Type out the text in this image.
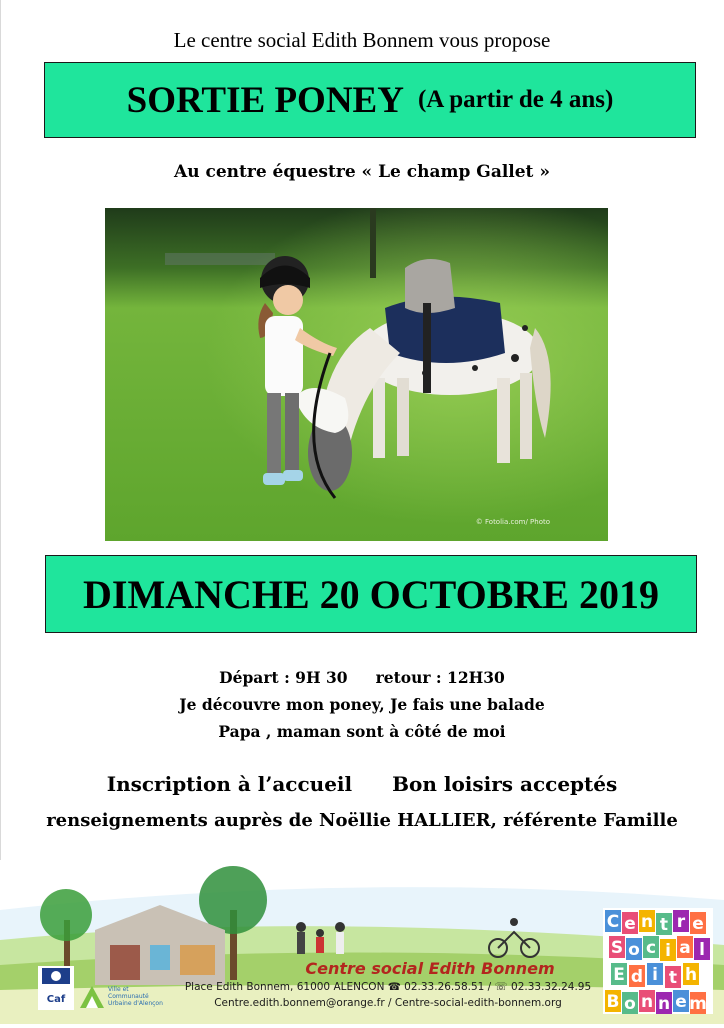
Le centre social Edith Bonnem vous propose
SORTIE PONEY (A partir de 4 ans)
Au centre équestre « Le champ Gallet »
© Fotolia.com/ Photo
DIMANCHE 20 OCTOBRE 2019
Départ : 9H 30 retour : 12H30
Je découvre mon poney, Je fais une balade
Papa , maman sont à côté de moi
Inscription à l’accueil Bon loisirs acceptés
renseignements auprès de Noëllie HALLIER, référente Famille
Centre social Edith Bonnem
Place Edith Bonnem, 61000 ALENCON ☎ 02.33.26.58.51 / ☏ 02.33.32.24.95
Centre.edith.bonnem@orange.fr / Centre-social-edith-bonnem.org
Caf
Ville et
Communauté
Urbaine d'Alençon
C e n t r e
S o c i a l
E d i t h
B o n n e m
